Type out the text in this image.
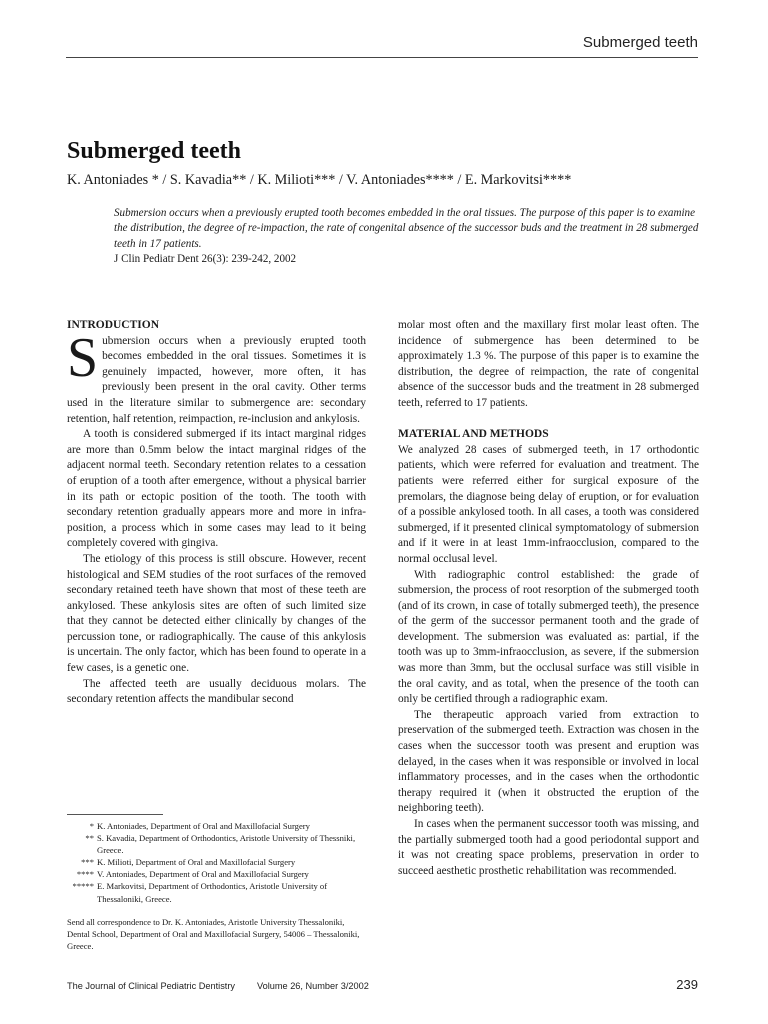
Submerged teeth
Submerged teeth
K. Antoniades * / S. Kavadia** / K. Milioti*** / V. Antoniades**** / E. Markovitsi****
Submersion occurs when a previously erupted tooth becomes embedded in the oral tissues. The purpose of this paper is to examine the distribution, the degree of re-impaction, the rate of congenital absence of the successor buds and the treatment in 28 submerged teeth in 17 patients.
J Clin Pediatr Dent 26(3): 239-242, 2002
INTRODUCTION

Submersion occurs when a previously erupted tooth becomes embedded in the oral tissues. Sometimes it is genuinely impacted, however, more often, it has previously been present in the oral cavity. Other terms used in the literature similar to submergence are: secondary retention, half retention, reimpaction, re-inclusion and ankylosis.

A tooth is considered submerged if its intact marginal ridges are more than 0.5mm below the intact marginal ridges of the adjacent normal teeth. Secondary retention relates to a cessation of eruption of a tooth after emergence, without a physical barrier in its path or ectopic position of the tooth. The tooth with secondary retention gradually appears more and more in infra-position, a process which in some cases may lead to it being completely covered with gingiva.

The etiology of this process is still obscure. However, recent histological and SEM studies of the root surfaces of the removed secondary retained teeth have shown that most of these teeth are ankylosed. These ankylosis sites are often of such limited size that they cannot be detected either clinically by changes of the percussion tone, or radiographically. The cause of this ankylosis is uncertain. The only factor, which has been found to operate in a few cases, is a genetic one.

The affected teeth are usually deciduous molars. The secondary retention affects the mandibular second

* K. Antoniades, Department of Oral and Maxillofacial Surgery
** S. Kavadia, Department of Orthodontics, Aristotle University of Thessniki, Greece.
*** K. Milioti, Department of Oral and Maxillofacial Surgery
**** V. Antoniades, Department of Oral and Maxillofacial Surgery
***** E. Markovitsi, Department of Orthodontics, Aristotle University of Thessaloniki, Greece.
Send all correspondence to Dr. K. Antoniades, Aristotle University Thessaloniki, Dental School, Department of Oral and Maxillofacial Surgery, 54006 – Thessaloniki, Greece.

molar most often and the maxillary first molar least often. The incidence of submergence has been determined to be approximately 1.3 %. The purpose of this paper is to examine the distribution, the degree of reimpaction, the rate of congenital absence of the successor buds and the treatment in 28 submerged teeth, referred to 17 patients.

MATERIAL AND METHODS

We analyzed 28 cases of submerged teeth, in 17 orthodontic patients, which were referred for evaluation and treatment. The patients were referred either for surgical exposure of the premolars, the diagnose being delay of eruption, or for evaluation of a possible ankylosed tooth. In all cases, a tooth was considered submerged, if it presented clinical symptomatology of submersion and if it were in at least 1mm-infraocclusion, compared to the normal occlusal level.

With radiographic control established: the grade of submersion, the process of root resorption of the submerged tooth (and of its crown, in case of totally submerged teeth), the presence of the germ of the successor permanent tooth and the grade of development. The submersion was evaluated as: partial, if the tooth was up to 3mm-infraocclusion, as severe, if the submersion was more than 3mm, but the occlusal surface was still visible in the oral cavity, and as total, when the presence of the tooth can only be certified through a radiographic exam.

The therapeutic approach varied from extraction to preservation of the submerged teeth. Extraction was chosen in the cases when the successor tooth was present and eruption was delayed, in the cases when it was responsible or involved in local inflammatory processes, and in the cases when the orthodontic therapy required it (when it obstructed the eruption of the neighboring teeth).

In cases when the permanent successor tooth was missing, and the partially submerged tooth had a good periodontal support and it was not creating space problems, preservation in order to succeed aesthetic prosthetic rehabilitation was recommended.

The Journal of Clinical Pediatric Dentistry Volume 26, Number 3/2002	239
